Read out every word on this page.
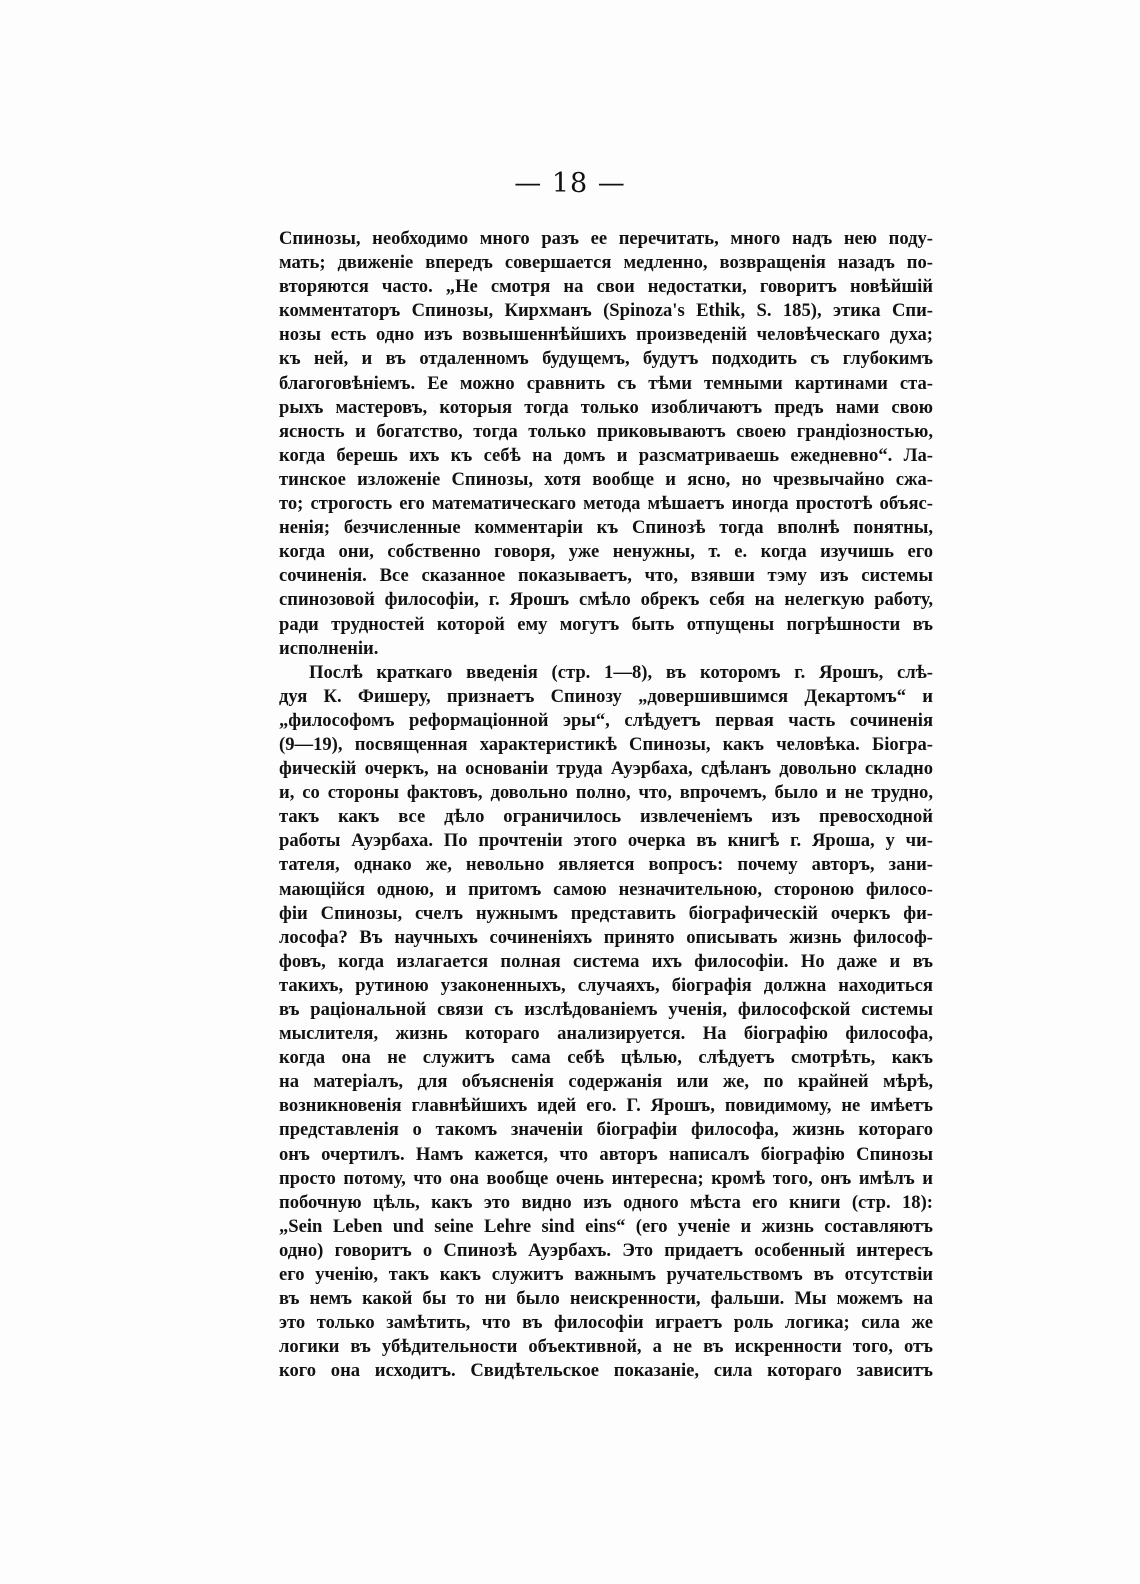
— 18 —
Спинозы, необходимо много разъ ее перечитать, много надъ нею поду-
мать; движеніе впередъ совершается медленно, возвращенія назадъ по-
вторяются часто. „Не смотря на свои недостатки, говоритъ новѣйшій
комментаторъ Спинозы, Кирхманъ (Spinoza's Ethik, S. 185), этика Спи-
нозы есть одно изъ возвышеннѣйшихъ произведеній человѣческаго духа;
къ ней, и въ отдаленномъ будущемъ, будутъ подходить съ глубокимъ
благоговѣніемъ. Ее можно сравнить съ тѣми темными картинами ста-
рыхъ мастеровъ, которыя тогда только изобличаютъ предъ нами свою
ясность и богатство, тогда только приковываютъ своею грандіозностью,
когда берешь ихъ къ себѣ на домъ и разсматриваешь ежедневно“. Ла-
тинское изложеніе Спинозы, хотя вообще и ясно, но чрезвычайно сжа-
то; строгость его математическаго метода мѣшаетъ иногда простотѣ объяс-
ненія; безчисленные комментаріи къ Спинозѣ тогда вполнѣ понятны,
когда они, собственно говоря, уже ненужны, т. е. когда изучишь его
сочиненія. Все сказанное показываетъ, что, взявши тэму изъ системы
спинозовой философіи, г. Ярошъ смѣло обрекъ себя на нелегкую работу,
ради трудностей которой ему могутъ быть отпущены погрѣшности въ
исполненіи.
Послѣ краткаго введенія (стр. 1—8), въ которомъ г. Ярошъ, слѣ-
дуя К. Фишеру, признаетъ Спинозу „довершившимся Декартомъ“ и
„философомъ реформаціонной эры“, слѣдуетъ первая часть сочиненія
(9—19), посвященная характеристикѣ Спинозы, какъ человѣка. Біогра-
фическій очеркъ, на основаніи труда Ауэрбаха, сдѣланъ довольно складно
и, со стороны фактовъ, довольно полно, что, впрочемъ, было и не трудно,
такъ какъ все дѣло ограничилось извлеченіемъ изъ превосходной
работы Ауэрбаха. По прочтеніи этого очерка въ книгѣ г. Яроша, у чи-
тателя, однако же, невольно является вопросъ: почему авторъ, зани-
мающійся одною, и притомъ самою незначительною, стороною филосо-
фіи Спинозы, счелъ нужнымъ представить біографическій очеркъ фи-
лософа? Въ научныхъ сочиненіяхъ принято описывать жизнь философ-
фовъ, когда излагается полная система ихъ философіи. Но даже и въ
такихъ, рутиною узаконенныхъ, случаяхъ, біографія должна находиться
въ раціональной связи съ изслѣдованіемъ ученія, философской системы
мыслителя, жизнь котораго анализируется. На біографію философа,
когда она не служитъ сама себѣ цѣлью, слѣдуетъ смотрѣть, какъ
на матеріалъ, для объясненія содержанія или же, по крайней мѣрѣ,
возникновенія главнѣйшихъ идей его. Г. Ярошъ, повидимому, не имѣетъ
представленія о такомъ значеніи біографіи философа, жизнь котораго
онъ очертилъ. Намъ кажется, что авторъ написалъ біографію Спинозы
просто потому, что она вообще очень интересна; кромѣ того, онъ имѣлъ и
побочную цѣль, какъ это видно изъ одного мѣста его книги (стр. 18):
„Sein Leben und seine Lehre sind eins“ (его ученіе и жизнь составляютъ
одно) говоритъ о Спинозѣ Ауэрбахъ. Это придаетъ особенный интересъ
его ученію, такъ какъ служитъ важнымъ ручательствомъ въ отсутствіи
въ немъ какой бы то ни было неискренности, фальши. Мы можемъ на
это только замѣтить, что въ философіи играетъ роль логика; сила же
логики въ убѣдительности объективной, а не въ искренности того, отъ
кого она исходитъ. Свидѣтельское показаніе, сила котораго зависитъ
